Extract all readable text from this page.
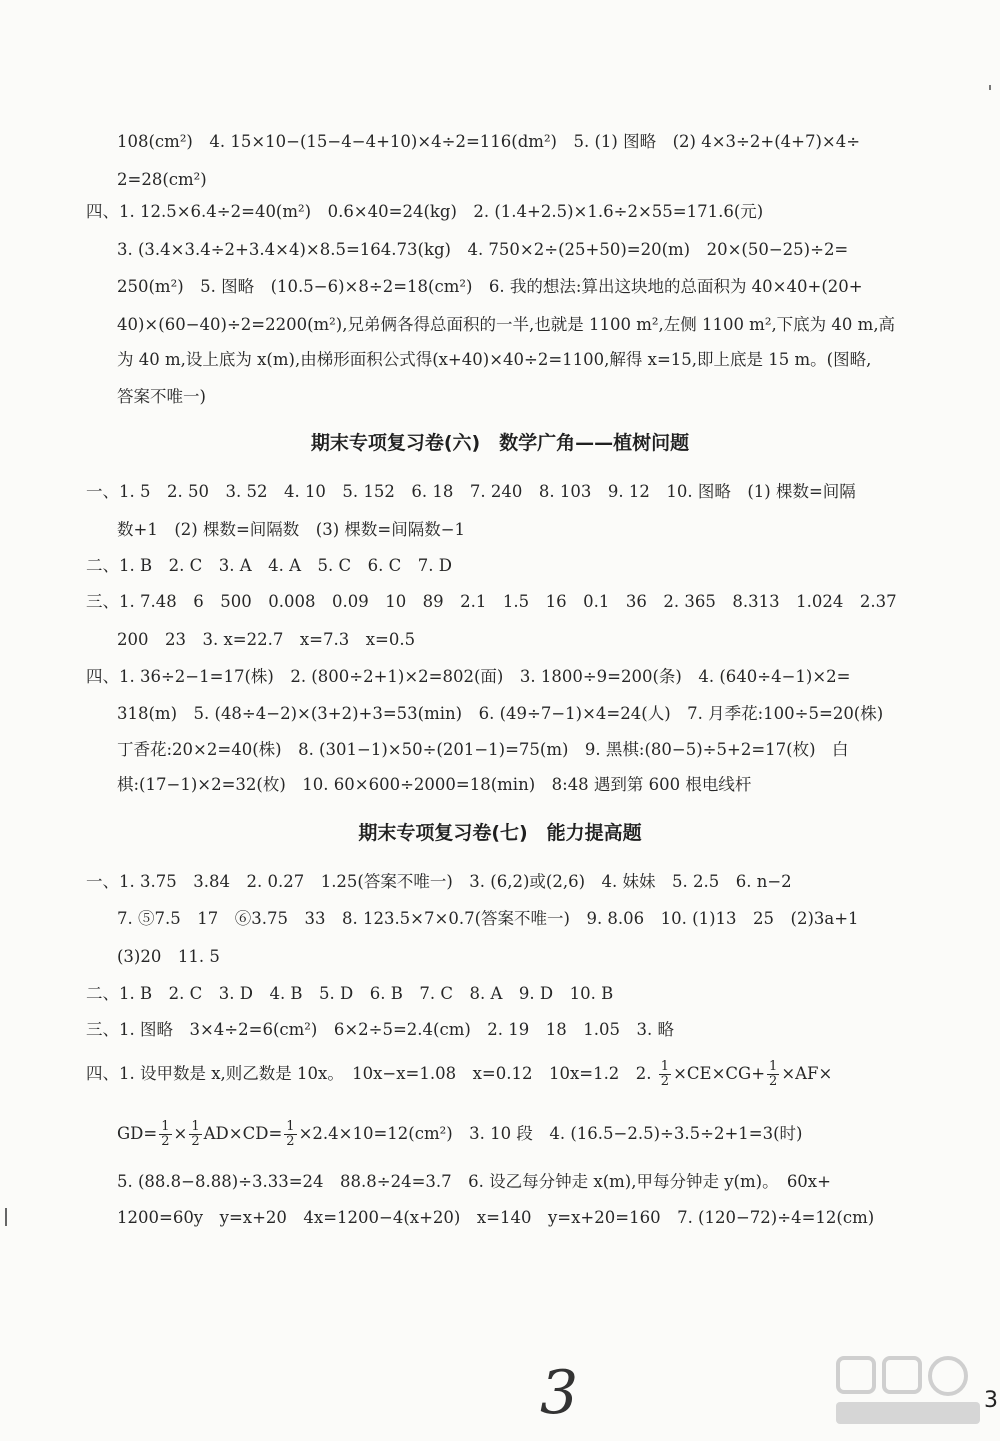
108(cm²)　4. 15×10−(15−4−4+10)×4÷2=116(dm²)　5. (1) 图略　(2) 4×3÷2+(4+7)×4÷
2=28(cm²)
四、1. 12.5×6.4÷2=40(m²)　0.6×40=24(kg)　2. (1.4+2.5)×1.6÷2×55=171.6(元)
3. (3.4×3.4÷2+3.4×4)×8.5=164.73(kg)　4. 750×2÷(25+50)=20(m)　20×(50−25)÷2=
250(m²)　5. 图略　(10.5−6)×8÷2=18(cm²)　6. 我的想法:算出这块地的总面积为 40×40+(20+
40)×(60−40)÷2=2200(m²),兄弟俩各得总面积的一半,也就是 1100 m²,左侧 1100 m²,下底为 40 m,高
为 40 m,设上底为 x(m),由梯形面积公式得(x+40)×40÷2=1100,解得 x=15,即上底是 15 m。(图略,
答案不唯一)
期末专项复习卷(六)　数学广角——植树问题
一、1. 5　2. 50　3. 52　4. 10　5. 152　6. 18　7. 240　8. 103　9. 12　10. 图略　(1) 棵数=间隔
数+1　(2) 棵数=间隔数　(3) 棵数=间隔数−1
二、1. B　2. C　3. A　4. A　5. C　6. C　7. D
三、1. 7.48　6　500　0.008　0.09　10　89　2.1　1.5　16　0.1　36　2. 365　8.313　1.024　2.37
200　23　3. x=22.7　x=7.3　x=0.5
四、1. 36÷2−1=17(株)　2. (800÷2+1)×2=802(面)　3. 1800÷9=200(条)　4. (640÷4−1)×2=
318(m)　5. (48÷4−2)×(3+2)+3=53(min)　6. (49÷7−1)×4=24(人)　7. 月季花:100÷5=20(株)
丁香花:20×2=40(株)　8. (301−1)×50÷(201−1)=75(m)　9. 黑棋:(80−5)÷5+2=17(枚)　白
棋:(17−1)×2=32(枚)　10. 60×600÷2000=18(min)　8:48 遇到第 600 根电线杆
期末专项复习卷(七)　能力提高题
一、1. 3.75　3.84　2. 0.27　1.25(答案不唯一)　3. (6,2)或(2,6)　4. 妹妹　5. 2.5　6. n−2
7. ⑤7.5　17　⑥3.75　33　8. 123.5×7×0.7(答案不唯一)　9. 8.06　10. (1)13　25　(2)3a+1
(3)20　11. 5
二、1. B　2. C　3. D　4. B　5. D　6. B　7. C　8. A　9. D　10. B
三、1. 图略　3×4÷2=6(cm²)　6×2÷5=2.4(cm)　2. 19　18　1.05　3. 略
四、1. 设甲数是 x,则乙数是 10x。　10x−x=1.08　x=0.12　10x=1.2　2. $\frac{1}{2} \times CE\times CG+ \frac{1}{2} \times AF\times$
$GD= \frac{1}{2} \times \frac{1}{2} AD\times CD= \frac{1}{2} \times 2.4\times 10=12(cm^2)$　3. 10 段　4. (16.5−2.5)÷3.5÷2+1=3(时)
5. (88.8−8.88)÷3.33=24　88.8÷24=3.7　6. 设乙每分钟走 x(m),甲每分钟走 y(m)。　60x+
1200=60y　y=x+20　4x=1200−4(x+20)　x=140　y=x+20=160　7. (120−72)÷4=12(cm)
3	3
